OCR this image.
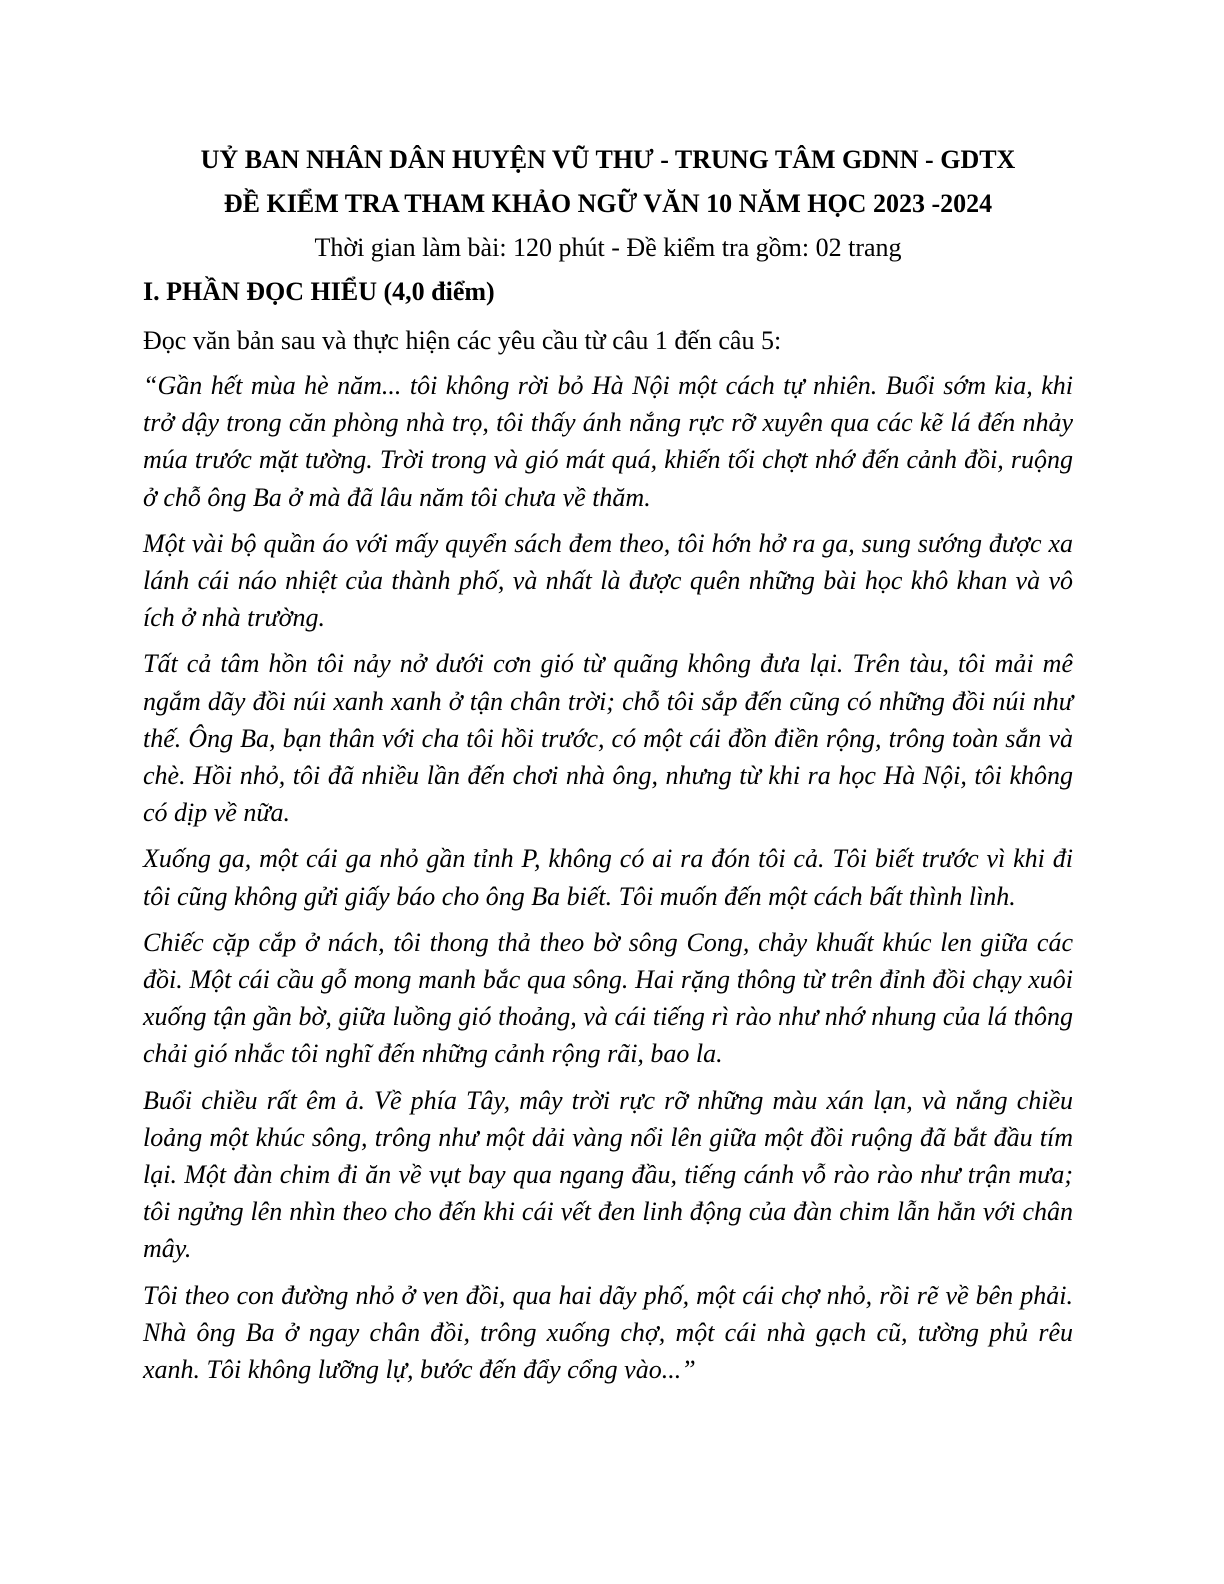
UỶ BAN NHÂN DÂN HUYỆN VŨ THƯ - TRUNG TÂM GDNN - GDTX

ĐỀ KIỂM TRA THAM KHẢO NGỮ VĂN 10 NĂM HỌC 2023 -2024

Thời gian làm bài: 120 phút - Đề kiểm tra gồm: 02 trang

I. PHẦN ĐỌC HIỂU (4,0 điểm)

Đọc văn bản sau và thực hiện các yêu cầu từ câu 1 đến câu 5:

“Gần hết mùa hè năm... tôi không rời bỏ Hà Nội một cách tự nhiên. Buổi sớm kia, khi trở dậy trong căn phòng nhà trọ, tôi thấy ánh nắng rực rỡ xuyên qua các kẽ lá đến nhảy múa trước mặt tường. Trời trong và gió mát quá, khiến tối chợt nhớ đến cảnh đồi, ruộng ở chỗ ông Ba ở mà đã lâu năm tôi chưa về thăm.

Một vài bộ quần áo với mấy quyển sách đem theo, tôi hớn hở ra ga, sung sướng được xa lánh cái náo nhiệt của thành phố, và nhất là được quên những bài học khô khan và vô ích ở nhà trường.

Tất cả tâm hồn tôi nảy nở dưới cơn gió từ quãng không đưa lại. Trên tàu, tôi mải mê ngắm dãy đồi núi xanh xanh ở tận chân trời; chỗ tôi sắp đến cũng có những đồi núi như thế. Ông Ba, bạn thân với cha tôi hồi trước, có một cái đồn điền rộng, trông toàn sắn và chè. Hồi nhỏ, tôi đã nhiều lần đến chơi nhà ông, nhưng từ khi ra học Hà Nội, tôi không có dịp về nữa.

Xuống ga, một cái ga nhỏ gần tỉnh P, không có ai ra đón tôi cả. Tôi biết trước vì khi đi tôi cũng không gửi giấy báo cho ông Ba biết. Tôi muốn đến một cách bất thình lình.

Chiếc cặp cắp ở nách, tôi thong thả theo bờ sông Cong, chảy khuất khúc len giữa các đồi. Một cái cầu gỗ mong manh bắc qua sông. Hai rặng thông từ trên đỉnh đồi chạy xuôi xuống tận gần bờ, giữa luồng gió thoảng, và cái tiếng rì rào như nhớ nhung của lá thông chải gió nhắc tôi nghĩ đến những cảnh rộng rãi, bao la.

Buổi chiều rất êm ả. Về phía Tây, mây trời rực rỡ những màu xán lạn, và nắng chiều loảng một khúc sông, trông như một dải vàng nổi lên giữa một đồi ruộng đã bắt đầu tím lại. Một đàn chim đi ăn về vụt bay qua ngang đầu, tiếng cánh vỗ rào rào như trận mưa; tôi ngửng lên nhìn theo cho đến khi cái vết đen linh động của đàn chim lẫn hẳn với chân mây.

Tôi theo con đường nhỏ ở ven đồi, qua hai dãy phố, một cái chợ nhỏ, rồi rẽ về bên phải. Nhà ông Ba ở ngay chân đồi, trông xuống chợ, một cái nhà gạch cũ, tường phủ rêu xanh. Tôi không lưỡng lự, bước đến đẩy cổng vào...”
